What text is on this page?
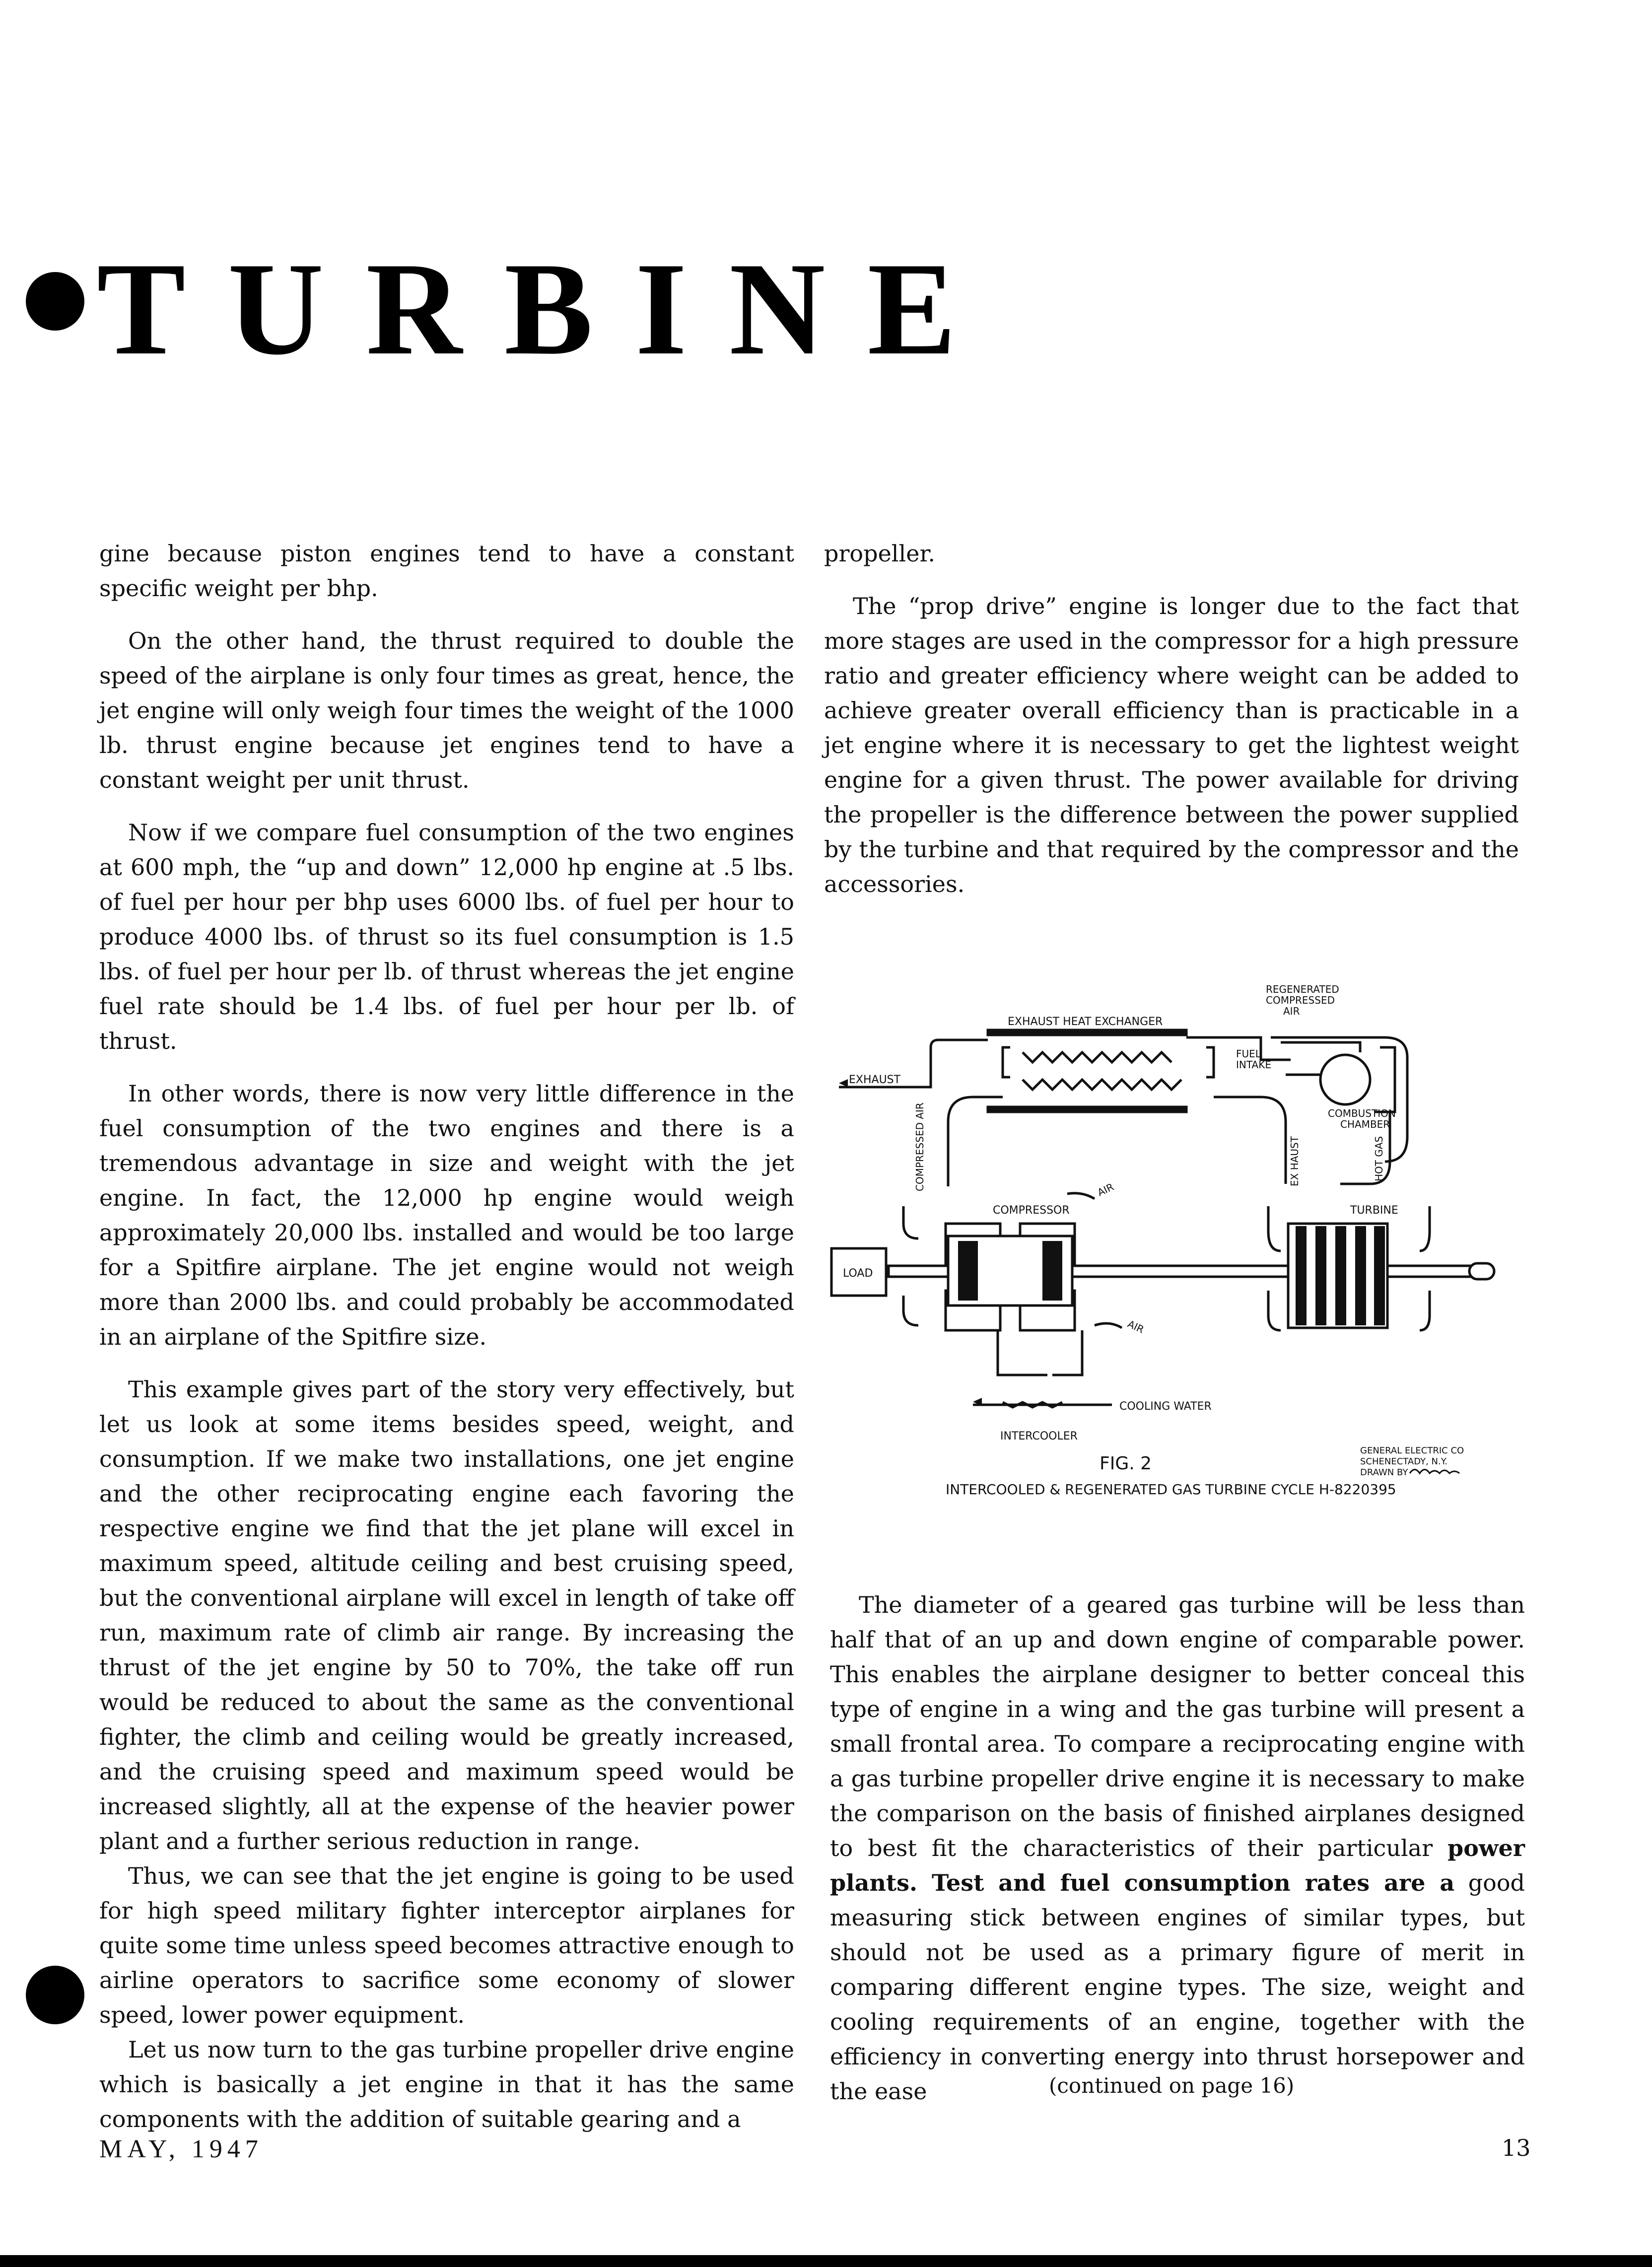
TURBINE

gine because piston engines tend to have a constant specific weight per bhp.

On the other hand, the thrust required to double the speed of the airplane is only four times as great, hence, the jet engine will only weigh four times the weight of the 1000 lb. thrust engine because jet engines tend to have a constant weight per unit thrust.

Now if we compare fuel consumption of the two engines at 600 mph, the “up and down” 12,000 hp engine at .5 lbs. of fuel per hour per bhp uses 6000 lbs. of fuel per hour to produce 4000 lbs. of thrust so its fuel consumption is 1.5 lbs. of fuel per hour per lb. of thrust whereas the jet engine fuel rate should be 1.4 lbs. of fuel per hour per lb. of thrust.

In other words, there is now very little difference in the fuel consumption of the two engines and there is a tremendous advantage in size and weight with the jet engine. In fact, the 12,000 hp engine would weigh approximately 20,000 lbs. installed and would be too large for a Spitfire airplane. The jet engine would not weigh more than 2000 lbs. and could probably be accommodated in an airplane of the Spitfire size.

This example gives part of the story very effectively, but let us look at some items besides speed, weight, and consumption. If we make two installations, one jet engine and the other reciprocating engine each favoring the respective engine we find that the jet plane will excel in maximum speed, altitude ceiling and best cruising speed, but the conventional airplane will excel in length of take off run, maximum rate of climb air range. By increasing the thrust of the jet engine by 50 to 70%, the take off run would be reduced to about the same as the conventional fighter, the climb and ceiling would be greatly increased, and the cruising speed and maximum speed would be increased slightly, all at the expense of the heavier power plant and a further serious reduction in range.

Thus, we can see that the jet engine is going to be used for high speed military fighter interceptor airplanes for quite some time unless speed becomes attractive enough to airline operators to sacrifice some economy of slower speed, lower power equipment.

Let us now turn to the gas turbine propeller drive engine which is basically a jet engine in that it has the same components with the addition of suitable gearing and a

propeller.

The “prop drive” engine is longer due to the fact that more stages are used in the compressor for a high pressure ratio and greater efficiency where weight can be added to achieve greater overall efficiency than is practicable in a jet engine where it is necessary to get the lightest weight engine for a given thrust. The power available for driving the propeller is the difference between the power supplied by the turbine and that required by the compressor and the accessories.

EXHAUST HEAT EXCHANGER
REGENERATED
COMPRESSED
AIR
FUEL
INTAKE
EXHAUST
COMBUSTION
CHAMBER
COMPRESSED AIR	EX HAUST	HOT GAS
COMPRESSOR	TURBINE
AIR
AIR
LOAD
COOLING WATER
INTERCOOLER
FIG. 2
INTERCOOLED & REGENERATED GAS TURBINE CYCLE H-8220395
GENERAL ELECTRIC CO
SCHENECTADY, N.Y.
DRAWN BY

The diameter of a geared gas turbine will be less than half that of an up and down engine of comparable power. This enables the airplane designer to better conceal this type of engine in a wing and the gas turbine will present a small frontal area. To compare a reciprocating engine with a gas turbine propeller drive engine it is necessary to make the comparison on the basis of finished airplanes designed to best fit the characteristics of their particular power plants. Test and fuel consumption rates are a good measuring stick between engines of similar types, but should not be used as a primary figure of merit in comparing different engine types. The size, weight and cooling requirements of an engine, together with the efficiency in converting energy into thrust horsepower and the ease	(continued on page 16)
MAY, 1947	13
